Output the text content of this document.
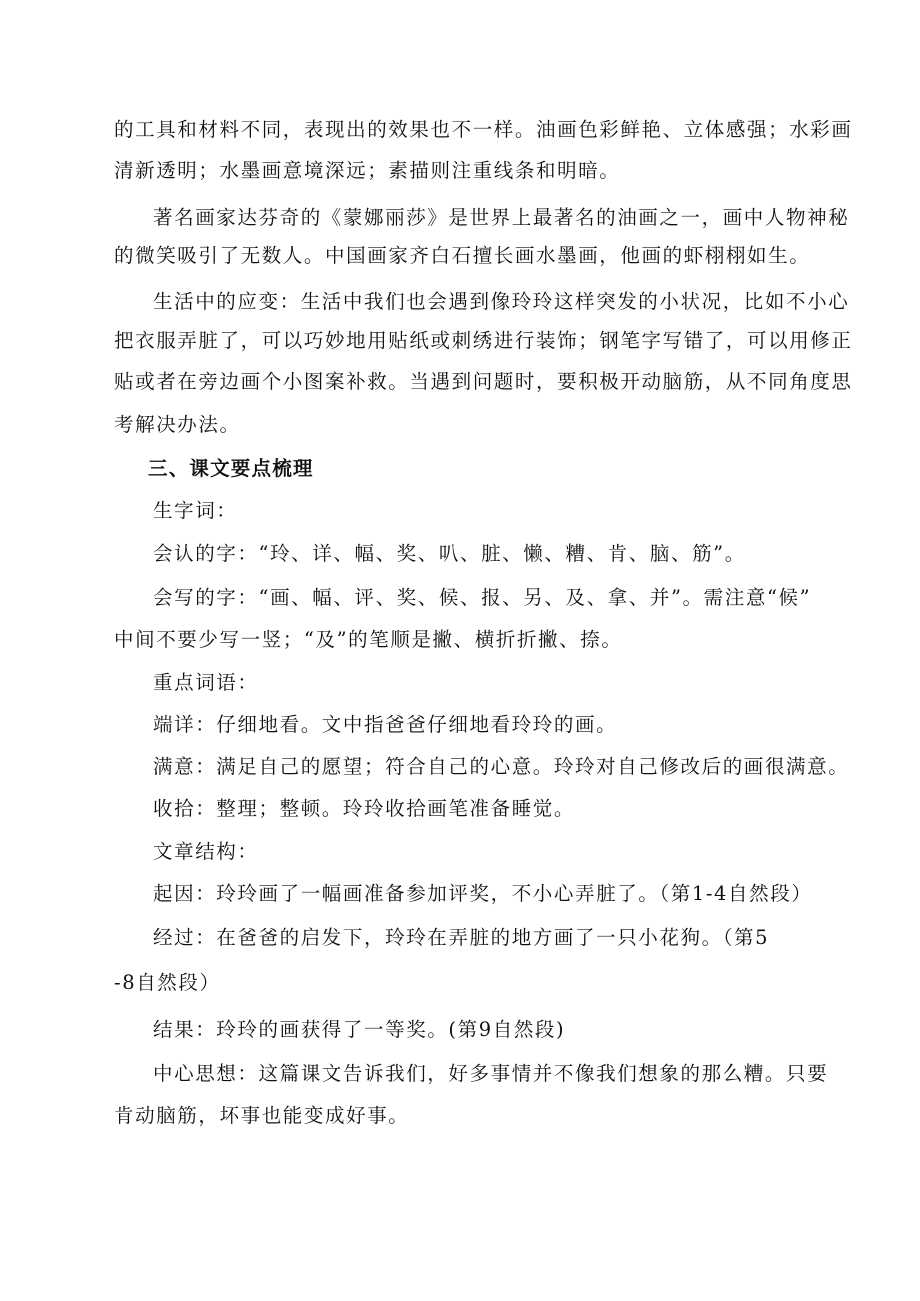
的工具和材料不同，表现出的效果也不一样。油画色彩鲜艳、立体感强；水彩画
清新透明；水墨画意境深远；素描则注重线条和明暗。
著名画家达芬奇的《蒙娜丽莎》是世界上最著名的油画之一，画中人物神秘
的微笑吸引了无数人。中国画家齐白石擅长画水墨画，他画的虾栩栩如生。
生活中的应变：生活中我们也会遇到像玲玲这样突发的小状况，比如不小心
把衣服弄脏了，可以巧妙地用贴纸或刺绣进行装饰；钢笔字写错了，可以用修正
贴或者在旁边画个小图案补救。当遇到问题时，要积极开动脑筋，从不同角度思
考解决办法。
三、课文要点梳理
生字词：
会认的字：“玲、详、幅、奖、叭、脏、懒、糟、肯、脑、筋”。
会写的字：“画、幅、评、奖、候、报、另、及、拿、并”。需注意“候”
中间不要少写一竖；“及”的笔顺是撇、横折折撇、捺。
重点词语：
端详：仔细地看。文中指爸爸仔细地看玲玲的画。
满意：满足自己的愿望；符合自己的心意。玲玲对自己修改后的画很满意。
收拾：整理；整顿。玲玲收拾画笔准备睡觉。
文章结构：
起因：玲玲画了一幅画准备参加评奖，不小心弄脏了。（第1-4自然段）
经过：在爸爸的启发下，玲玲在弄脏的地方画了一只小花狗。（第5
-8自然段）
结果：玲玲的画获得了一等奖。(第9自然段)
中心思想：这篇课文告诉我们，好多事情并不像我们想象的那么糟。只要
肯动脑筋，坏事也能变成好事。
